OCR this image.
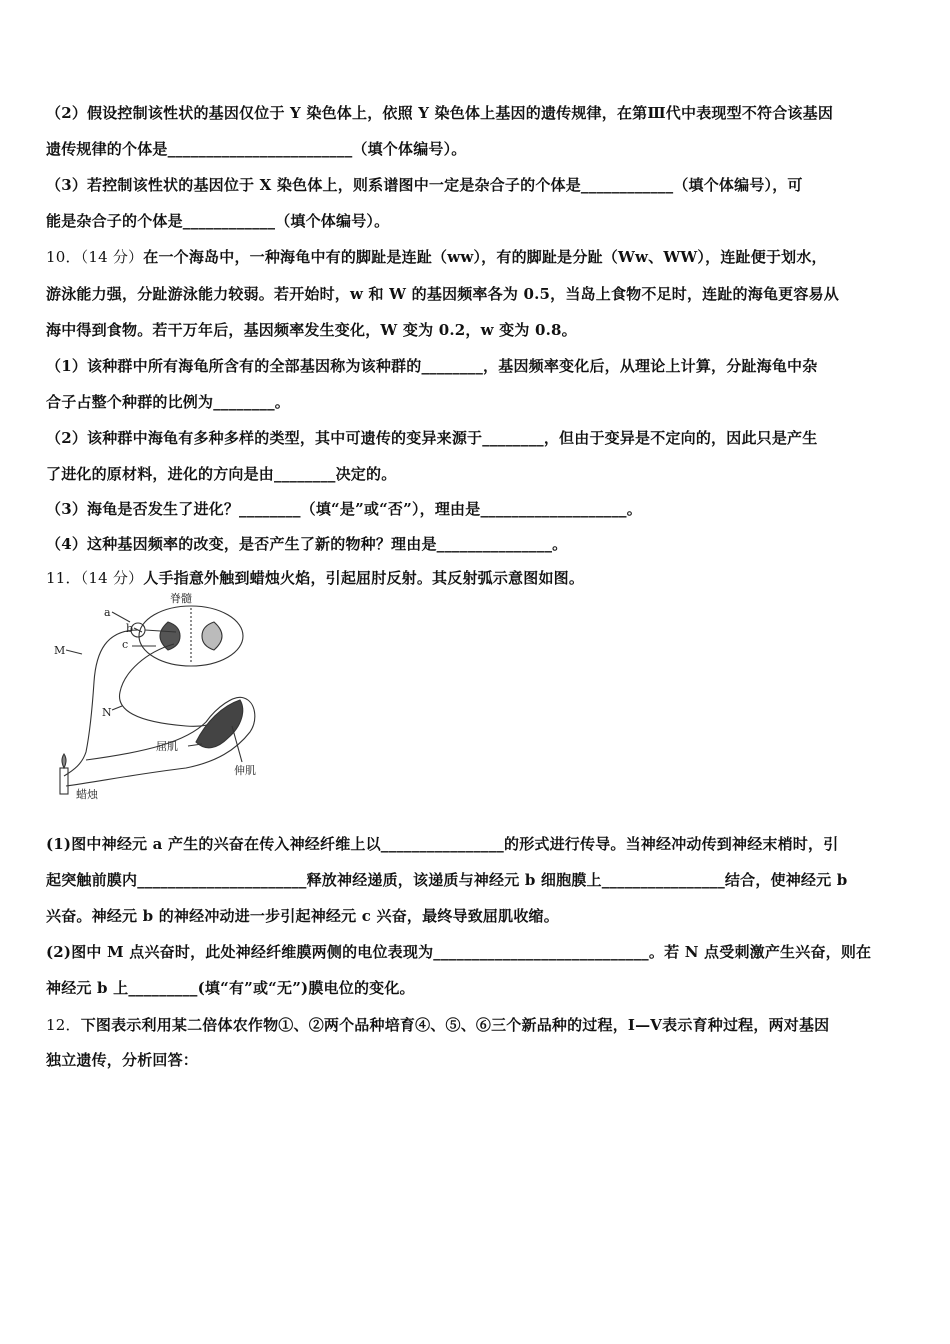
（2）假设控制该性状的基因仅位于 Y 染色体上，依照 Y 染色体上基因的遗传规律，在第Ⅲ代中表现型不符合该基因
遗传规律的个体是________________________（填个体编号）。
（3）若控制该性状的基因位于 X 染色体上，则系谱图中一定是杂合子的个体是____________（填个体编号），可
能是杂合子的个体是____________（填个体编号）。
10．（14 分）在一个海岛中，一种海龟中有的脚趾是连趾（ww），有的脚趾是分趾（Ww、WW），连趾便于划水，
游泳能力强，分趾游泳能力较弱。若开始时，w 和 W 的基因频率各为 0.5，当岛上食物不足时，连趾的海龟更容易从
海中得到食物。若干万年后，基因频率发生变化，W 变为 0.2，w 变为 0.8。
（1）该种群中所有海龟所含有的全部基因称为该种群的________，基因频率变化后，从理论上计算，分趾海龟中杂
合子占整个种群的比例为________。
（2）该种群中海龟有多种多样的类型，其中可遗传的变异来源于________，但由于变异是不定向的，因此只是产生
了进化的原材料，进化的方向是由________决定的。
（3）海龟是否发生了进化？________（填“是”或“否”），理由是___________________。
（4）这种基因频率的改变，是否产生了新的物种？理由是_______________。
11．（14 分）人手指意外触到蜡烛火焰，引起屈肘反射。其反射弧示意图如图。
脊髓
a
b
c
M
N
屈肌
伸肌
蜡烛
(1)图中神经元 a 产生的兴奋在传入神经纤维上以________________的形式进行传导。当神经冲动传到神经末梢时，引
起突触前膜内______________________释放神经递质，该递质与神经元 b 细胞膜上________________结合，使神经元 b
兴奋。神经元 b 的神经冲动进一步引起神经元 c 兴奋，最终导致屈肌收缩。
(2)图中 M 点兴奋时，此处神经纤维膜两侧的电位表现为____________________________。若 N 点受刺激产生兴奋，则在
神经元 b 上_________(填“有”或“无”)膜电位的变化。
12．下图表示利用某二倍体农作物①、②两个品种培育④、⑤、⑥三个新品种的过程，Ⅰ—Ⅴ表示育种过程，两对基因
独立遗传，分析回答：
